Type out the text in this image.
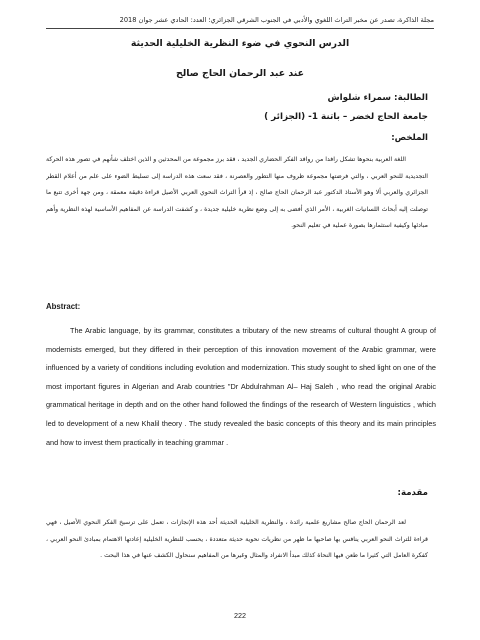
مجلة الذاكرة، تصدر عن مخبر التراث اللغوي والأدبي في الجنوب الشرقي الجزائري؛ العدد: الحادي عشر جوان 2018
الدرس النحوي في ضوء النظرية الخليلية الحديثة
عند عبد الرحمان الحاج صالح
الطالبة: سمراء شلواش
جامعة الحاج لخضر – باتنة 1- (الجزائر )
الملخص:

اللغة العربية بنحوها تشكل رافدا من روافد الفكر الحضاري الجديد ، فقد برز مجموعة من المحدثين و الذين اختلف شأنهم في تصور هذه الحركة التجديدية للنحو العربي ، والتي فرضتها مجموعة ظروف منها التطور والعصرنة ، فقد سعت هذه الدراسة إلى تسليط الضوء على علم من أعلام القطر الجزائري والعربي ألا وهو الأستاذ الدكتور عبد الرحمان الحاج صالح ، إذ قرأ التراث النحوي العربي الأصيل قراءة دقيقة معمقة ، ومن جهة أخرى تتبع ما توصلت إليه أبحاث اللسانيات الغربية ، الأمر الذي أفضى به إلى وضع نظرية خليلية جديدة ، و كشفت الدراسة عن المفاهيم الأساسية لهذه النظرية وأهم مبادئها وكيفية استثمارها بصورة عملية في تعليم النحو.

Abstract:

The Arabic language, by its grammar, constitutes a tributary of the new streams of cultural thought A group of modernists emerged, but they differed in their perception of this innovation movement of the Arabic grammar, were influenced by a variety of conditions including evolution and modernization. This study sought to shed light on one of the most important figures in Algerian and Arab countries "Dr Abdulrahman Al– Haj Saleh , who read the original Arabic grammatical heritage in depth and on the other hand followed the findings of the research of Western linguistics , which led to development of a new Khalil theory . The study revealed the basic concepts of this theory and its main principles and how to invest them practically in teaching grammar .

مقدمة:

لعد الرحمان الحاج صالح مشاريع علمية رائدة ، والنظرية الخليلية الحديثة أحد هذه الإنجازات ، تعمل على ترسيخ الفكر النحوي الأصيل ، فهي قراءة للتراث النحو العربي ينافس بها صاحبها ما ظهر من نظريات نحوية حديثة متعددة ، يحسب للنظرية الخليلية إعادتها الاهتمام بمبادئ النحو العربي ، كفكرة العامل التي كثيرا ما طعن فيها النحاة كذلك مبدأ الانفراد والمثال وغيرها من المفاهيم سنحاول الكشف عنها في هذا البحث .

222
